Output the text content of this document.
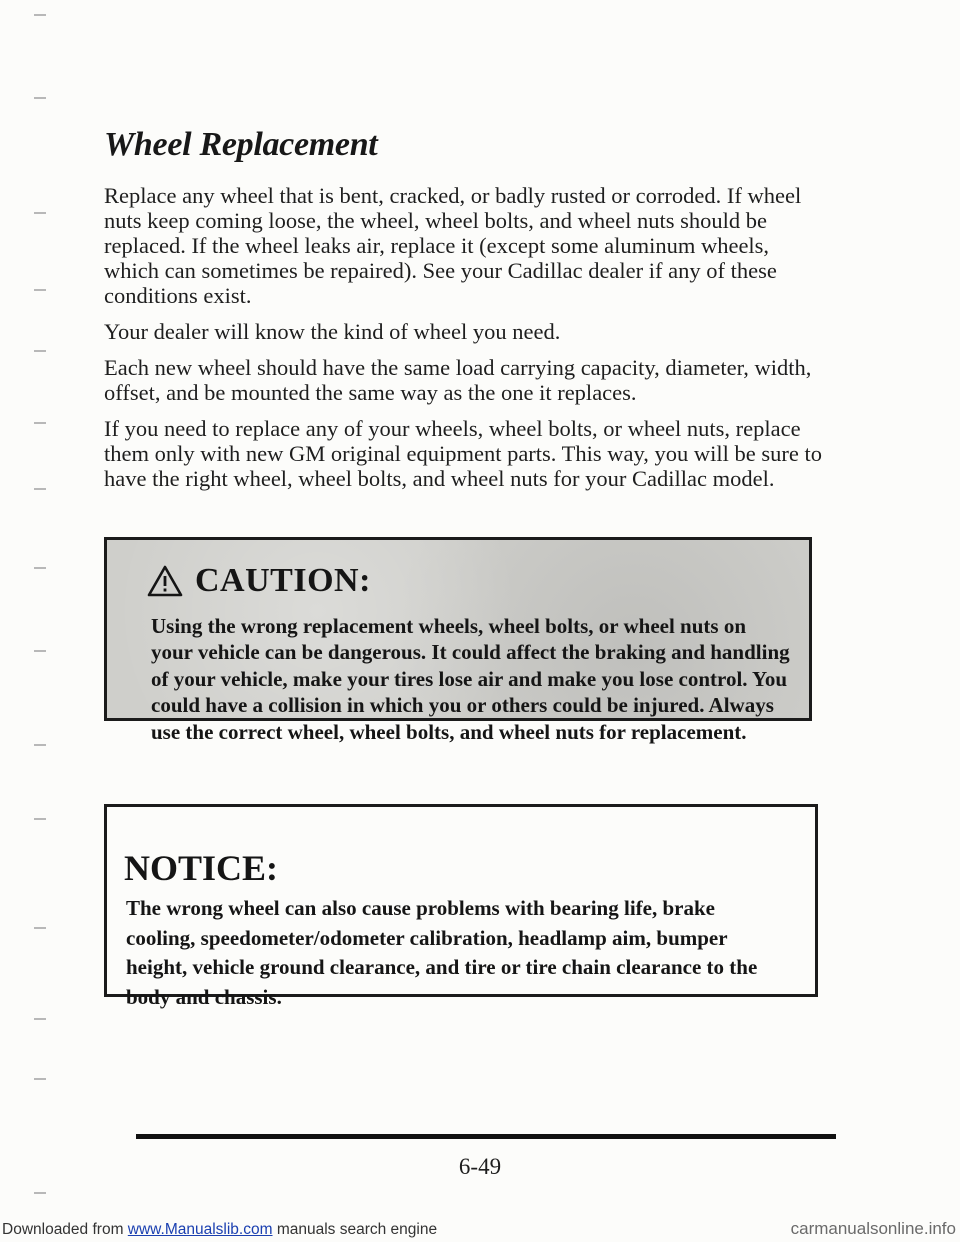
Wheel Replacement

Replace any wheel that is bent, cracked, or badly rusted or corroded. If wheel nuts keep coming loose, the wheel, wheel bolts, and wheel nuts should be replaced. If the wheel leaks air, replace it (except some aluminum wheels, which can sometimes be repaired). See your Cadillac dealer if any of these conditions exist.

Your dealer will know the kind of wheel you need.

Each new wheel should have the same load carrying capacity, diameter, width, offset, and be mounted the same way as the one it replaces.

If you need to replace any of your wheels, wheel bolts, or wheel nuts, replace them only with new GM original equipment parts. This way, you will be sure to have the right wheel, wheel bolts, and wheel nuts for your Cadillac model.

CAUTION:
Using the wrong replacement wheels, wheel bolts, or wheel nuts on your vehicle can be dangerous. It could affect the braking and handling of your vehicle, make your tires lose air and make you lose control. You could have a collision in which you or others could be injured. Always use the correct wheel, wheel bolts, and wheel nuts for replacement.
NOTICE:
The wrong wheel can also cause problems with bearing life, brake cooling, speedometer/odometer calibration, headlamp aim, bumper height, vehicle ground clearance, and tire or tire chain clearance to the body and chassis.
6-49
Downloaded from www.Manualslib.com manuals search engine	carmanualsonline.info
